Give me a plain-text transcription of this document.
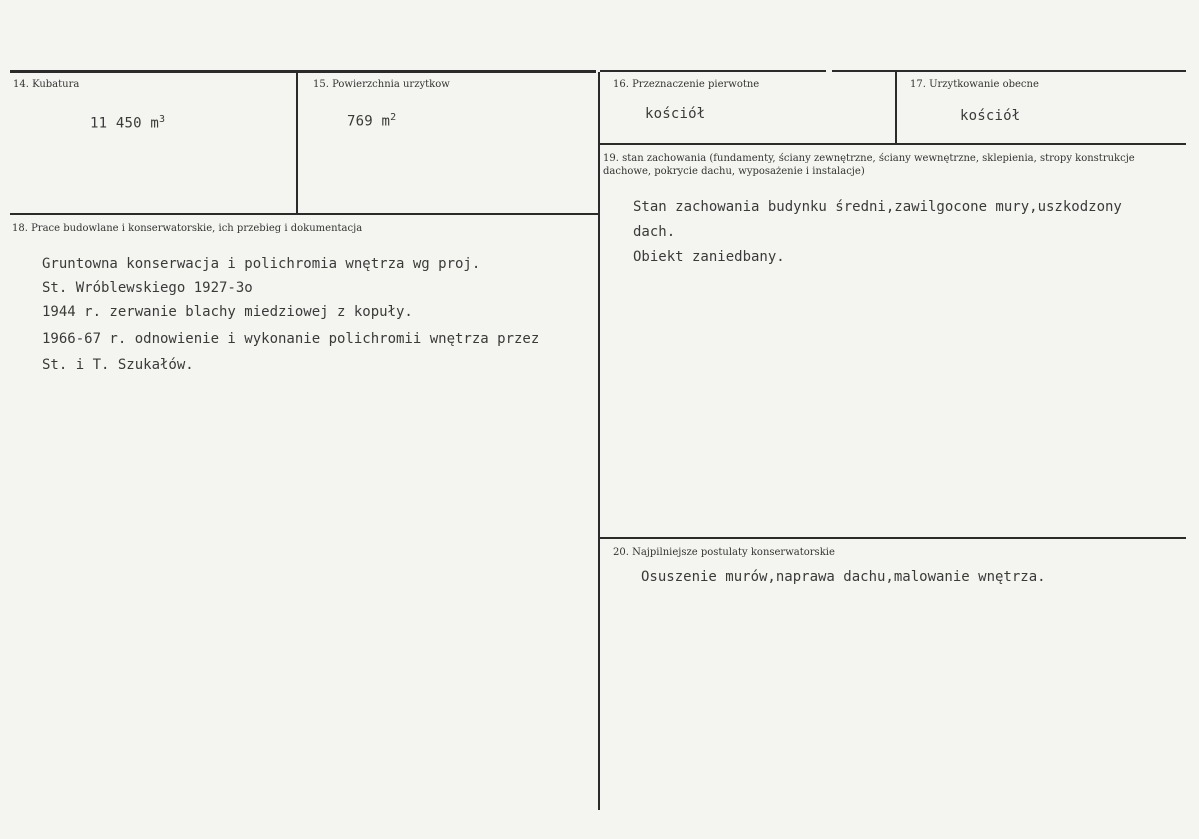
14. Kubatura
11 450 $m^3$
15. Powierzchnia urzytkow
769 $m^2$
16. Przeznaczenie pierwotne
kościół
17. Urzytkowanie obecne
kościół
18. Prace budowlane i konserwatorskie, ich przebieg i dokumentacja
Gruntowna konserwacja i polichromia wnętrza wg proj.
St. Wróblewskiego 1927-3o
1944 r. zerwanie blachy miedziowej z kopuły.
1966-67 r. odnowienie i wykonanie polichromii wnętrza przez
St. i T. Szukałów.
19. stan zachowania (fundamenty, ściany zewnętrzne, ściany wewnętrzne, sklepienia, stropy konstrukcje dachowe, pokrycie dachu, wyposażenie i instalacje)
Stan zachowania budynku średni,zawilgocone mury,uszkodzony
dach.
Obiekt zaniedbany.
20. Najpilniejsze postulaty konserwatorskie
Osuszenie murów,naprawa dachu,malowanie wnętrza.
